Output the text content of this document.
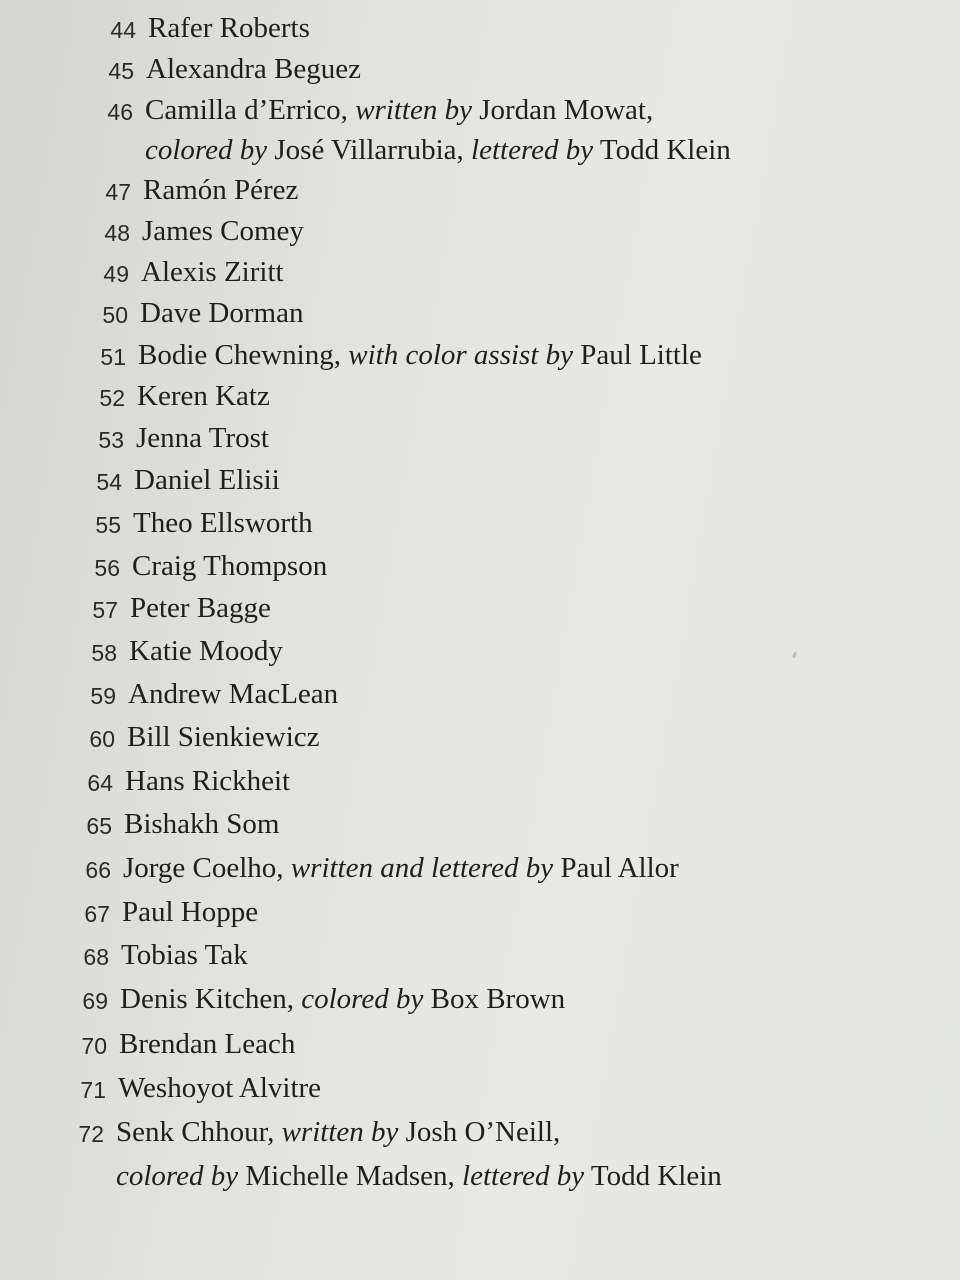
44 Rafer Roberts
45 Alexandra Beguez
46 Camilla d’Errico, written by Jordan Mowat,
colored by José Villarrubia, lettered by Todd Klein
47 Ramón Pérez
48 James Comey
49 Alexis Ziritt
50 Dave Dorman
51 Bodie Chewning, with color assist by Paul Little
52 Keren Katz
53 Jenna Trost
54 Daniel Elisii
55 Theo Ellsworth
56 Craig Thompson
57 Peter Bagge
58 Katie Moody
59 Andrew MacLean
60 Bill Sienkiewicz
64 Hans Rickheit
65 Bishakh Som
66 Jorge Coelho, written and lettered by Paul Allor
67 Paul Hoppe
68 Tobias Tak
69 Denis Kitchen, colored by Box Brown
70 Brendan Leach
71 Weshoyot Alvitre
72 Senk Chhour, written by Josh O’Neill,
colored by Michelle Madsen, lettered by Todd Klein
